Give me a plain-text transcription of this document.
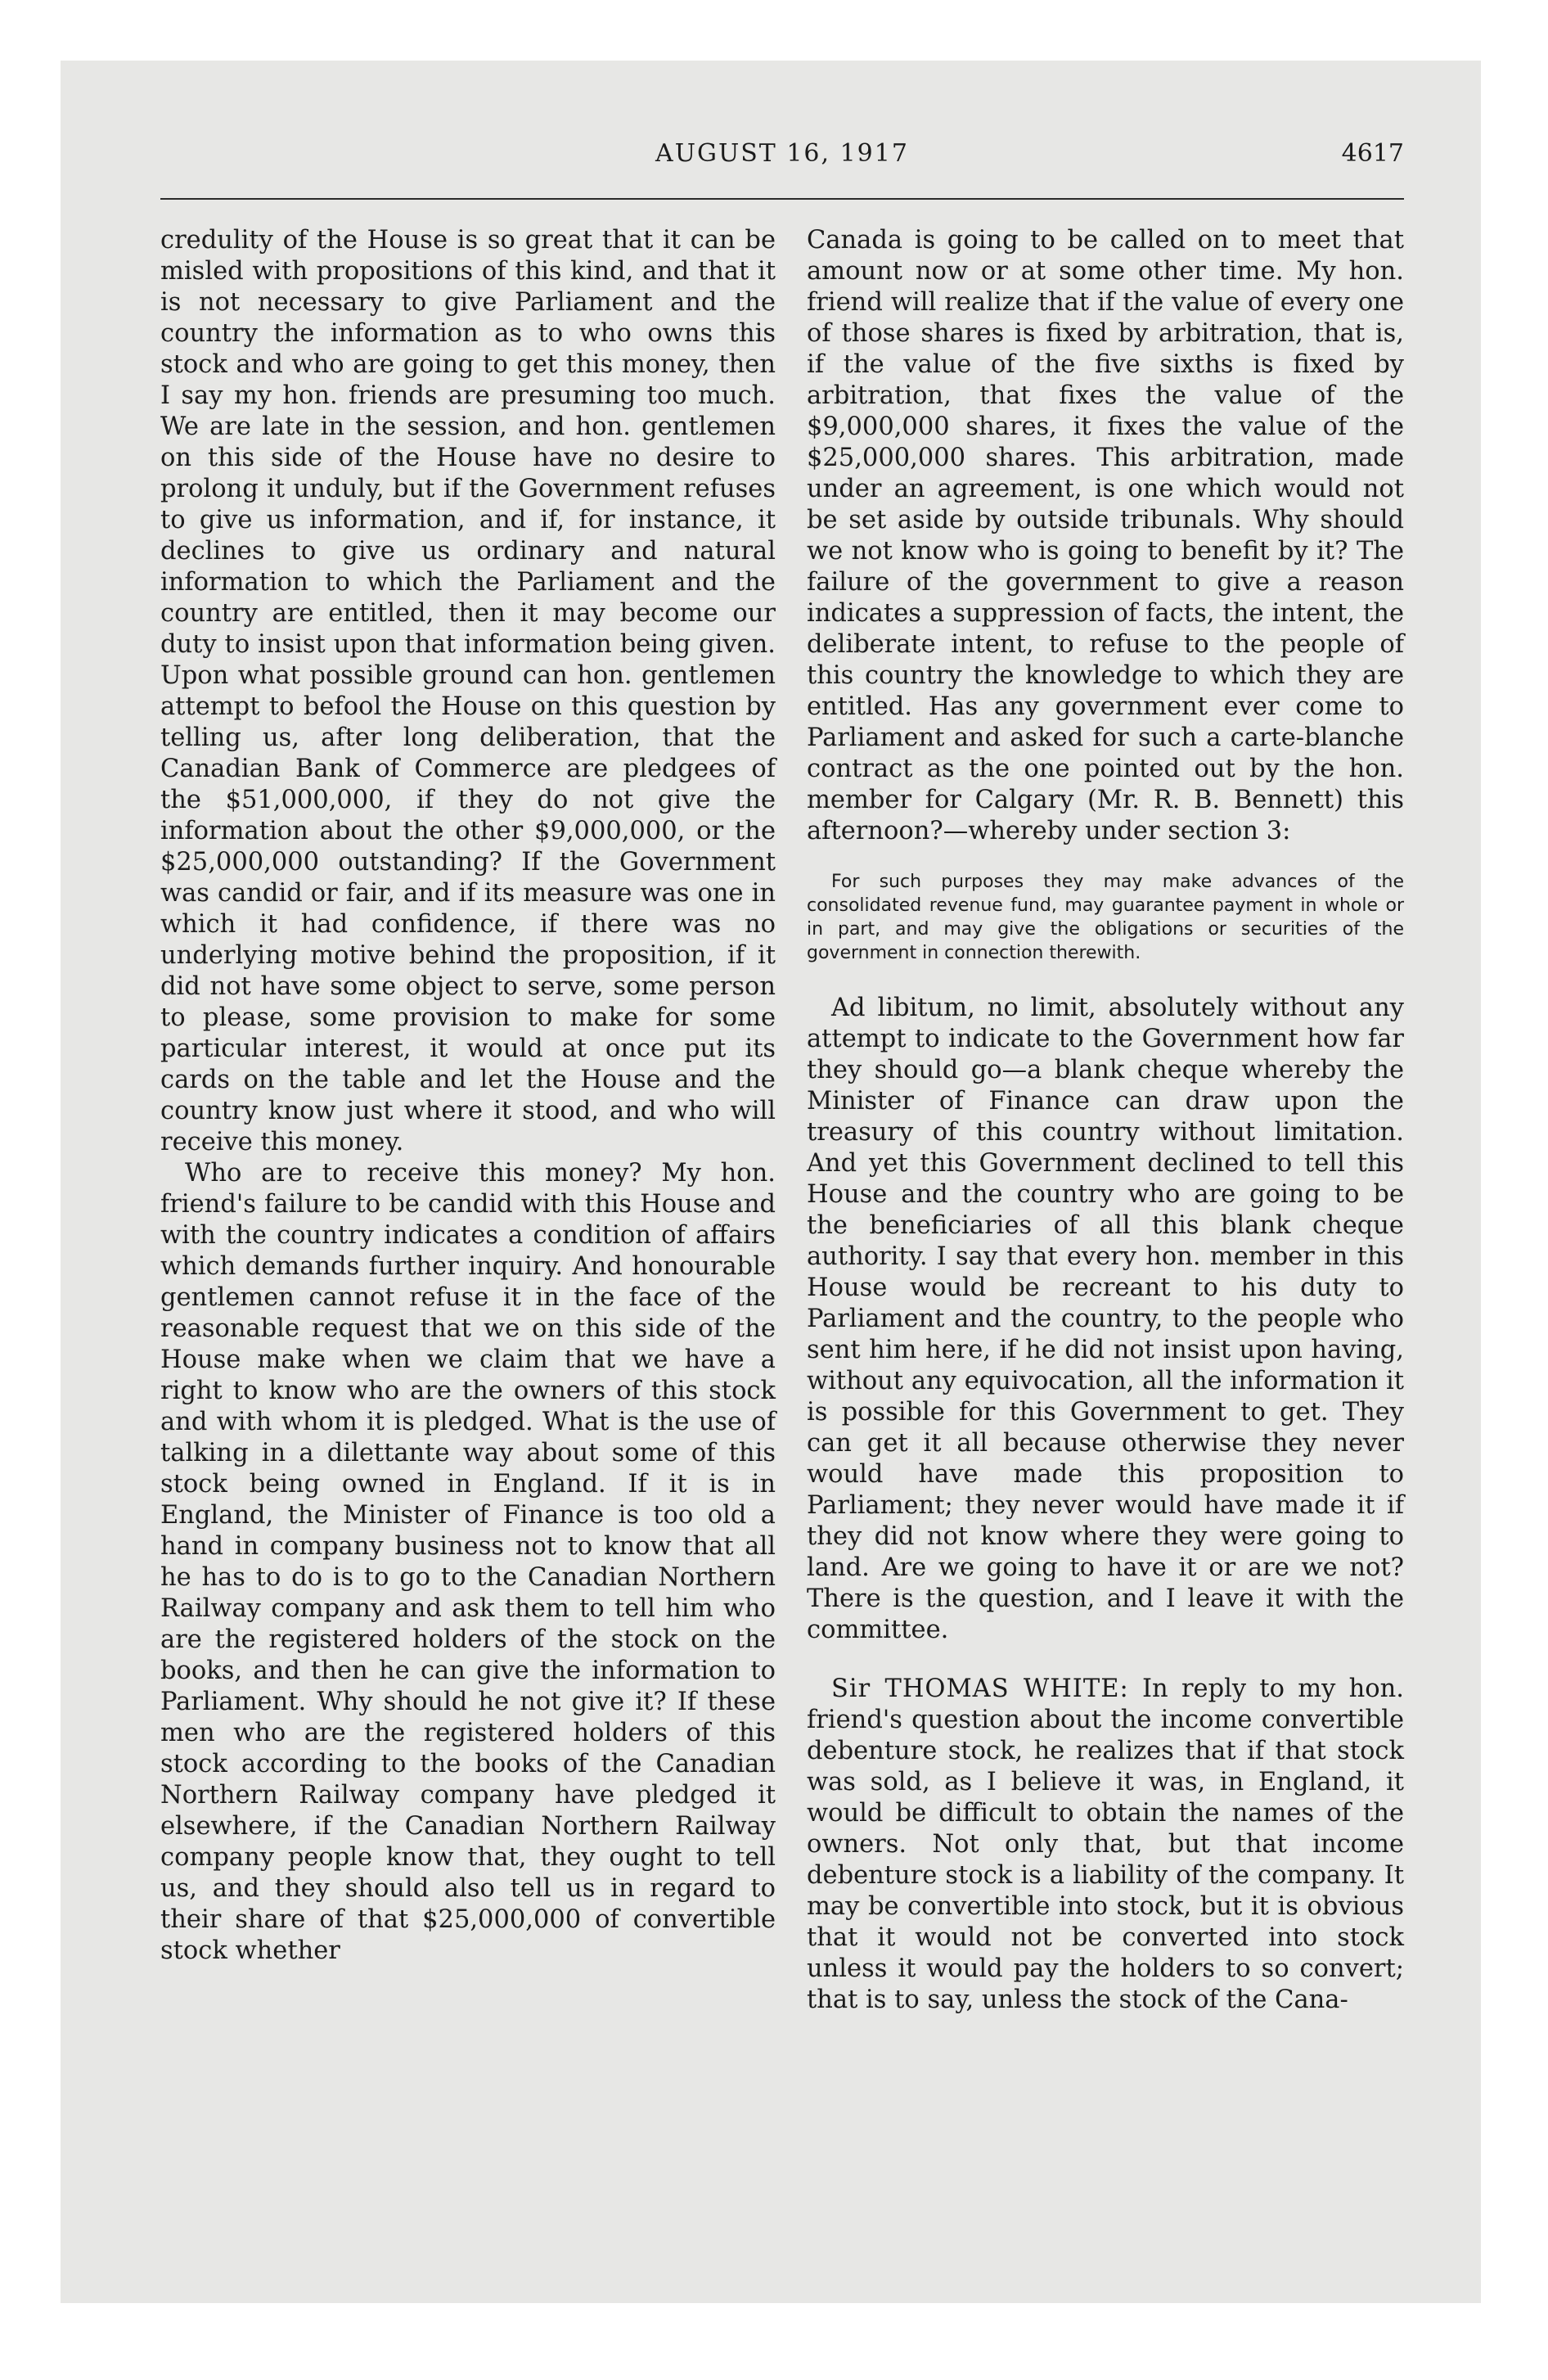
AUGUST 16, 1917	4617

credulity of the House is so great that it can be misled with propositions of this kind, and that it is not necessary to give Parliament and the country the information as to who owns this stock and who are going to get this money, then I say my hon. friends are presuming too much. We are late in the session, and hon. gentlemen on this side of the House have no desire to prolong it unduly, but if the Government refuses to give us information, and if, for instance, it declines to give us ordinary and natural information to which the Parliament and the country are entitled, then it may become our duty to insist upon that information being given. Upon what possible ground can hon. gentlemen attempt to befool the House on this question by telling us, after long deliberation, that the Canadian Bank of Commerce are pledgees of the $51,000,000, if they do not give the information about the other $9,000,000, or the $25,000,000 outstanding? If the Government was candid or fair, and if its measure was one in which it had confidence, if there was no underlying motive behind the proposition, if it did not have some object to serve, some person to please, some provision to make for some particular interest, it would at once put its cards on the table and let the House and the country know just where it stood, and who will receive this money.

Who are to receive this money? My hon. friend's failure to be candid with this House and with the country indicates a condition of affairs which demands further inquiry. And honourable gentlemen cannot refuse it in the face of the reasonable request that we on this side of the House make when we claim that we have a right to know who are the owners of this stock and with whom it is pledged. What is the use of talking in a dilettante way about some of this stock being owned in England. If it is in England, the Minister of Finance is too old a hand in company business not to know that all he has to do is to go to the Canadian Northern Railway company and ask them to tell him who are the registered holders of the stock on the books, and then he can give the information to Parliament. Why should he not give it? If these men who are the registered holders of this stock according to the books of the Canadian Northern Railway company have pledged it elsewhere, if the Canadian Northern Railway company people know that, they ought to tell us, and they should also tell us in regard to their share of that $25,000,000 of convertible stock whether

Canada is going to be called on to meet that amount now or at some other time. My hon. friend will realize that if the value of every one of those shares is fixed by arbitration, that is, if the value of the five sixths is fixed by arbitration, that fixes the value of the $9,000,000 shares, it fixes the value of the $25,000,000 shares. This arbitration, made under an agreement, is one which would not be set aside by outside tribunals. Why should we not know who is going to benefit by it? The failure of the government to give a reason indicates a suppression of facts, the intent, the deliberate intent, to refuse to the people of this country the knowledge to which they are entitled. Has any government ever come to Parliament and asked for such a carte-blanche contract as the one pointed out by the hon. member for Calgary (Mr. R. B. Bennett) this afternoon?—whereby under section 3:

For such purposes they may make advances of the consolidated revenue fund, may guarantee payment in whole or in part, and may give the obligations or securities of the government in connection therewith.

Ad libitum, no limit, absolutely without any attempt to indicate to the Government how far they should go—a blank cheque whereby the Minister of Finance can draw upon the treasury of this country without limitation. And yet this Government declined to tell this House and the country who are going to be the beneficiaries of all this blank cheque authority. I say that every hon. member in this House would be recreant to his duty to Parliament and the country, to the people who sent him here, if he did not insist upon having, without any equivocation, all the information it is possible for this Government to get. They can get it all because otherwise they never would have made this proposition to Parliament; they never would have made it if they did not know where they were going to land. Are we going to have it or are we not? There is the question, and I leave it with the committee.

Sir THOMAS WHITE: In reply to my hon. friend's question about the income convertible debenture stock, he realizes that if that stock was sold, as I believe it was, in England, it would be difficult to obtain the names of the owners. Not only that, but that income debenture stock is a liability of the company. It may be convertible into stock, but it is obvious that it would not be converted into stock unless it would pay the holders to so convert; that is to say, unless the stock of the Cana-
